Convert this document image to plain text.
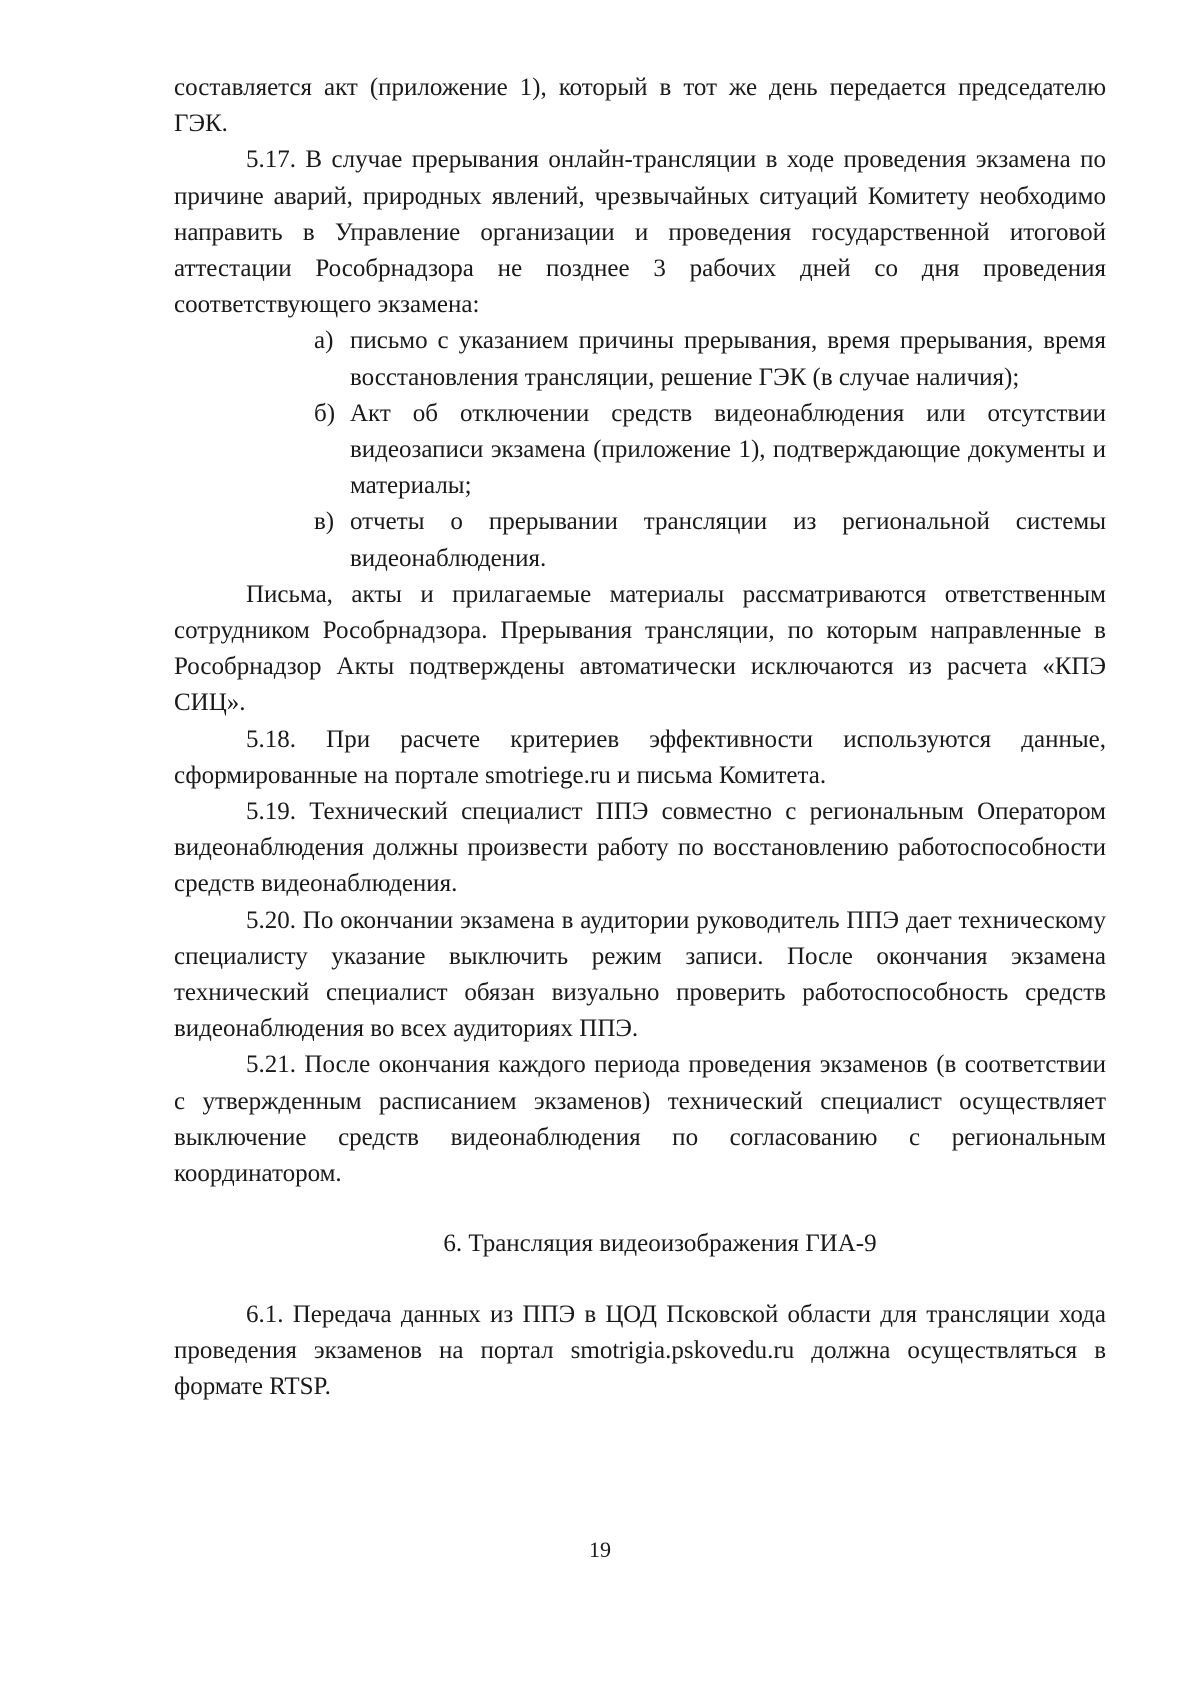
составляется акт (приложение 1), который в тот же день передается председателю ГЭК.

5.17. В случае прерывания онлайн-трансляции в ходе проведения экзамена по причине аварий, природных явлений, чрезвычайных ситуаций Комитету необходимо направить в Управление организации и проведения государственной итоговой аттестации Рособрнадзора не позднее 3 рабочих дней со дня проведения соответствующего экзамена:

а) письмо с указанием причины прерывания, время прерывания, время восстановления трансляции, решение ГЭК (в случае наличия);

б) Акт об отключении средств видеонаблюдения или отсутствии видеозаписи экзамена (приложение 1), подтверждающие документы и материалы;

в) отчеты о прерывании трансляции из региональной системы видеонаблюдения.

Письма, акты и прилагаемые материалы рассматриваются ответственным сотрудником Рособрнадзора. Прерывания трансляции, по которым направленные в Рособрнадзор Акты подтверждены автоматически исключаются из расчета «КПЭ СИЦ».

5.18. При расчете критериев эффективности используются данные, сформированные на портале smotriege.ru и письма Комитета.

5.19. Технический специалист ППЭ совместно с региональным Оператором видеонаблюдения должны произвести работу по восстановлению работоспособности средств видеонаблюдения.

5.20. По окончании экзамена в аудитории руководитель ППЭ дает техническому специалисту указание выключить режим записи. После окончания экзамена технический специалист обязан визуально проверить работоспособность средств видеонаблюдения во всех аудиториях ППЭ.

5.21. После окончания каждого периода проведения экзаменов (в соответствии с утвержденным расписанием экзаменов) технический специалист осуществляет выключение средств видеонаблюдения по согласованию с региональным координатором.

6. Трансляция видеоизображения ГИА-9

6.1. Передача данных из ППЭ в ЦОД Псковской области для трансляции хода проведения экзаменов на портал smotrigia.pskovedu.ru должна осуществляться в формате RTSP.

19
